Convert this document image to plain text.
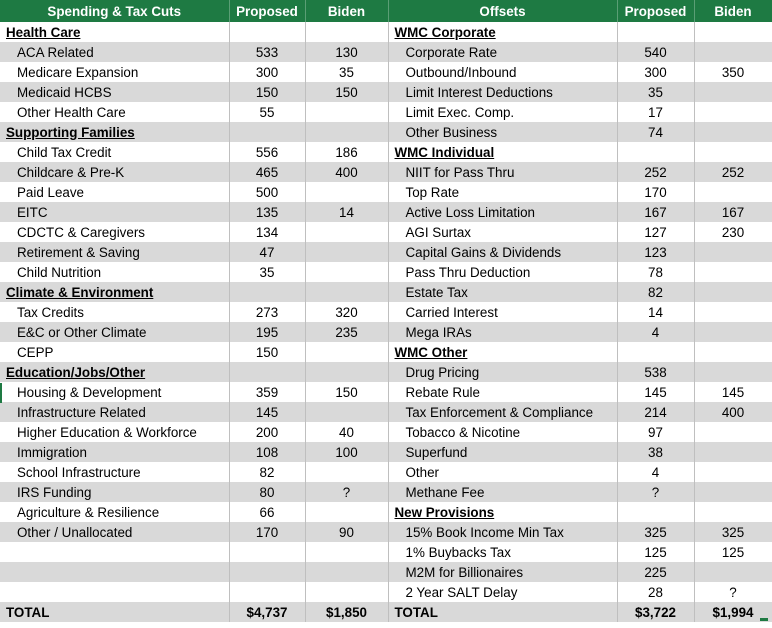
Spending & Tax Cuts	Proposed	Biden	Offsets	Proposed	Biden
Health Care			WMC Corporate		
ACA Related	533	130	Corporate Rate	540	
Medicare Expansion	300	35	Outbound/Inbound	300	350
Medicaid HCBS	150	150	Limit Interest Deductions	35	
Other Health Care	55		Limit Exec. Comp.	17	
Supporting Families			Other Business	74	
Child Tax Credit	556	186	WMC Individual		
Childcare & Pre-K	465	400	NIIT for Pass Thru	252	252
Paid Leave	500		Top Rate	170	
EITC	135	14	Active Loss Limitation	167	167
CDCTC & Caregivers	134		AGI Surtax	127	230
Retirement & Saving	47		Capital Gains & Dividends	123	
Child Nutrition	35		Pass Thru Deduction	78	
Climate & Environment			Estate Tax	82	
Tax Credits	273	320	Carried Interest	14	
E&C or Other Climate	195	235	Mega IRAs	4	
CEPP	150		WMC Other		
Education/Jobs/Other			Drug Pricing	538	
Housing & Development	359	150	Rebate Rule	145	145
Infrastructure Related	145		Tax Enforcement & Compliance	214	400
Higher Education & Workforce	200	40	Tobacco & Nicotine	97	
Immigration	108	100	Superfund	38	
School Infrastructure	82		Other	4	
IRS Funding	80	?	Methane Fee	?	
Agriculture & Resilience	66		New Provisions		
Other / Unallocated	170	90	15% Book Income Min Tax	325	325
			1% Buybacks Tax	125	125
			M2M for Billionaires	225	
			2 Year SALT Delay	28	?
TOTAL	$4,737	$1,850	TOTAL	$3,722	$1,994
